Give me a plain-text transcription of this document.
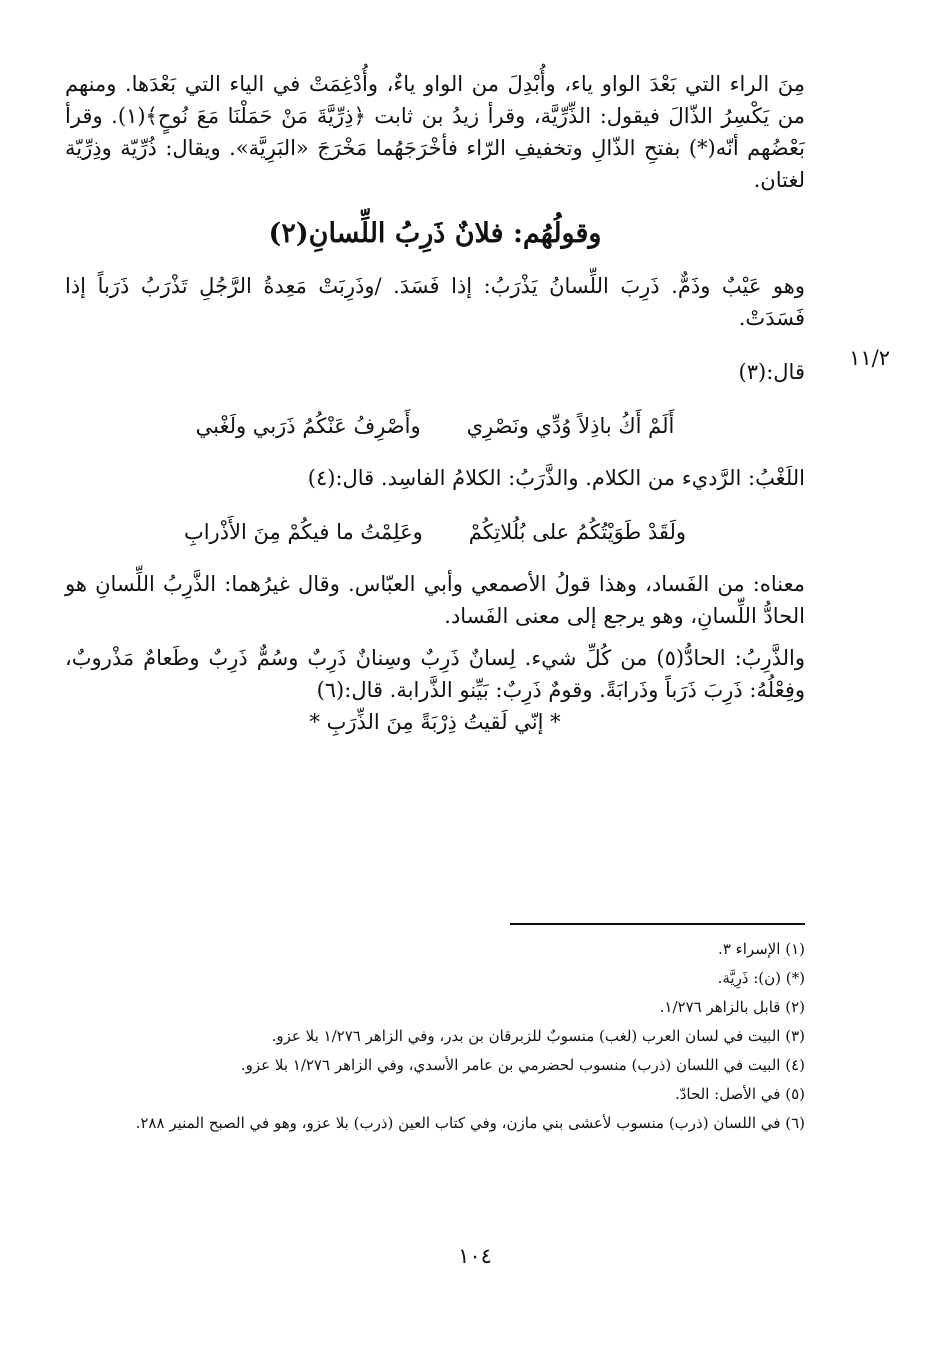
١١/٢

مِنَ الراء التي بَعْدَ الواو ياء، وأُبْدِلَ من الواو ياءٌ، وأُدْغِمَتْ في الياء التي بَعْدَها. ومنهم من يَكْسِرُ الذّالَ فيقول: الذِّرِّيَّة، وقرأ زيدُ بن ثابت ﴿ذِرِّيَّةَ مَنْ حَمَلْنَا مَعَ نُوحٍ﴾(١). وقرأ بَعْضُهم أنّه(*) بفتحِ الذّالِ وتخفيفِ الرّاء فأخْرَجَهُما مَخْرَجَ «البَرِيَّة». ويقال: ذُرِّيّة وذِرِّيّة لغتان.

وقولُهُم: فلانٌ ذَرِبُ اللِّسانِ(٢)

وهو عَيْبٌ وذَمٌّ. ذَرِبَ اللِّسانُ يَذْرَبُ: إذا فَسَدَ. /وذَرِبَتْ مَعِدةُ الرَّجُلِ تَذْرَبُ ذَرَباً إذا فَسَدَتْ.

قال:(٣)

أَلَمْ أَكُ باذِلاً وُدِّي ونَصْرِي
وأَصْرِفُ عَنْكُمُ ذَرَبي ولَغْبي

اللَغْبُ: الرَّديء من الكلام. والذَّرَبُ: الكلامُ الفاسِد. قال:(٤)

ولَقَدْ طَوَيْتُكُمُ على بُلُلاتِكُمْ
وعَلِمْتُ ما فيكُمْ مِنَ الأَذْرابِ

معناه: من الفَساد، وهذا قولُ الأصمعي وأبي العبّاس. وقال غيرُهما: الذَّرِبُ اللِّسانِ هو الحادُّ اللِّسانِ، وهو يرجع إلى معنى الفَساد.

والذَّرِبُ: الحادُّ(٥) من كُلِّ شيء. لِسانٌ ذَرِبٌ وسِنانٌ ذَرِبٌ وسُمٌّ ذَرِبٌ وطَعامٌ مَذْروبٌ، وفِعْلُهُ: ذَرِبَ ذَرَباً وذَرابَةً. وقومٌ ذَرِبٌ: بَيِّنو الذَّرابة. قال:(٦)

* إنّي لَقيتُ ذِرْبَةً مِنَ الذِّرَبِ *

(١) الإسراء ٣.

(*) (ن): ذَرِيَّة.

(٢) قابل بالزاهر ١/٢٧٦.

(٣) البيت في لسان العرب (لغب) منسوبٌ للزبرقان بن بدر، وفي الزاهر ١/٢٧٦ بلا عزو.

(٤) البيت في اللسان (ذرب) منسوب لحضرمي بن عامر الأسدي، وفي الزاهر ١/٢٧٦ بلا عزو.

(٥) في الأصل: الحادّ.

(٦) في اللسان (ذرب) منسوب لأعشى بني مازن، وفي كتاب العين (ذرب) بلا عزو، وهو في الصبح المنير ٢٨٨.

١٠٤
